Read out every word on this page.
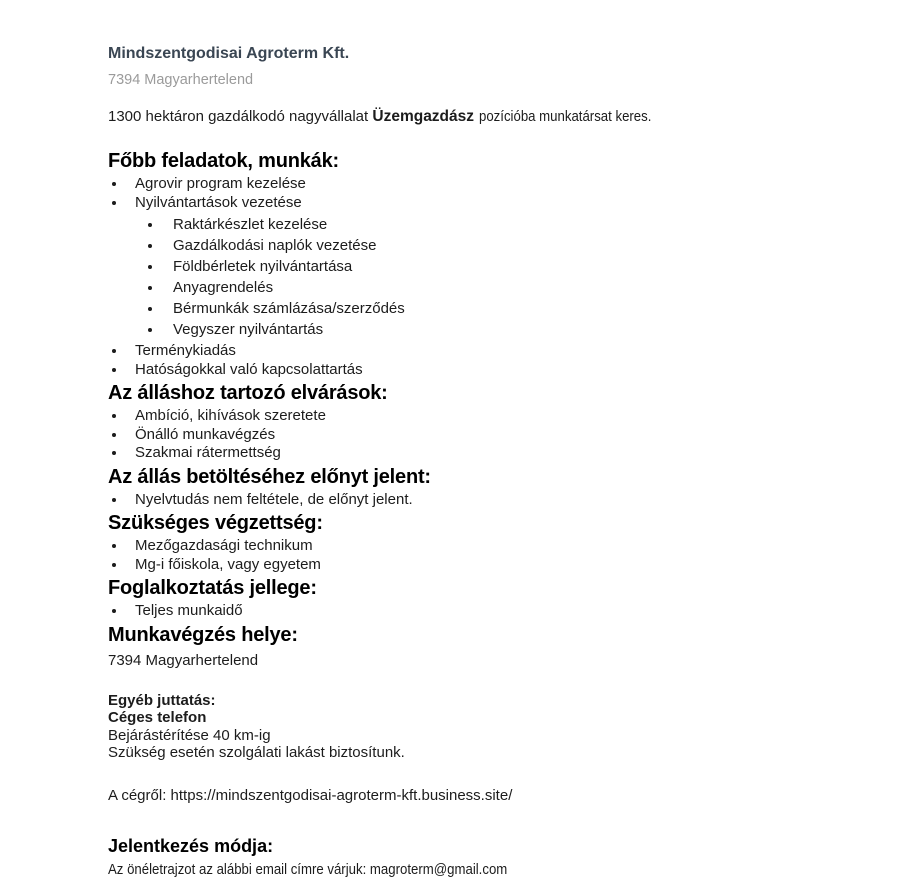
Mindszentgodisai Agroterm Kft.
7394 Magyarhertelend

1300 hektáron gazdálkodó nagyvállalat Üzemgazdász pozícióba munkatársat keres.

Főbb feladatok, munkák:
• Agrovir program kezelése
• Nyilvántartások vezetése
• Raktárkészlet kezelése
• Gazdálkodási naplók vezetése
• Földbérletek nyilvántartása
• Anyagrendelés
• Bérmunkák számlázása/szerződés
• Vegyszer nyilvántartás
• Terménykiadás
• Hatóságokkal való kapcsolattartás
Az álláshoz tartozó elvárások:
• Ambíció, kihívások szeretete
• Önálló munkavégzés
• Szakmai rátermettség
Az állás betöltéséhez előnyt jelent:
• Nyelvtudás nem feltétele, de előnyt jelent.
Szükséges végzettség:
• Mezőgazdasági technikum
• Mg-i főiskola, vagy egyetem
Foglalkoztatás jellege:
• Teljes munkaidő
Munkavégzés helye:

7394 Magyarhertelend

Egyéb juttatás:
Céges telefon
Bejárástérítése 40 km-ig
Szükség esetén szolgálati lakást biztosítunk.

A cégről: https://mindszentgodisai-agroterm-kft.business.site/

Jelentkezés módja:

Az önéletrajzot az alábbi email címre várjuk: magroterm@gmail.com
